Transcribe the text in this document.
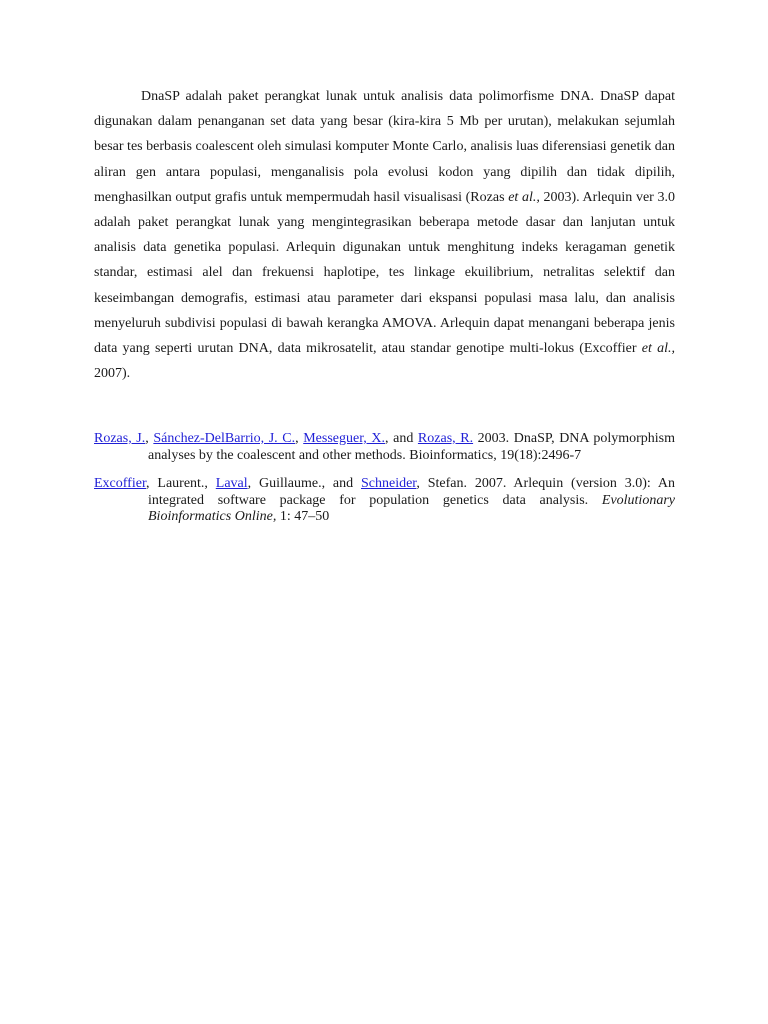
DnaSP adalah paket perangkat lunak untuk analisis data polimorfisme DNA. DnaSP dapat digunakan dalam penanganan set data yang besar (kira-kira 5 Mb per urutan), melakukan sejumlah besar tes berbasis coalescent oleh simulasi komputer Monte Carlo, analisis luas diferensiasi genetik dan aliran gen antara populasi, menganalisis pola evolusi kodon yang dipilih dan tidak dipilih, menghasilkan output grafis untuk mempermudah hasil visualisasi (Rozas et al., 2003). Arlequin ver 3.0 adalah paket perangkat lunak yang mengintegrasikan beberapa metode dasar dan lanjutan untuk analisis data genetika populasi. Arlequin digunakan untuk menghitung indeks keragaman genetik standar, estimasi alel dan frekuensi haplotipe, tes linkage ekuilibrium, netralitas selektif dan keseimbangan demografis, estimasi atau parameter dari ekspansi populasi masa lalu, dan analisis menyeluruh subdivisi populasi di bawah kerangka AMOVA. Arlequin dapat menangani beberapa jenis data yang seperti urutan DNA, data mikrosatelit, atau standar genotipe multi-lokus (Excoffier et al., 2007).

Rozas, J., Sánchez-DelBarrio, J. C., Messeguer, X., and Rozas, R. 2003. DnaSP, DNA polymorphism analyses by the coalescent and other methods. Bioinformatics, 19(18):2496-7

Excoffier, Laurent., Laval, Guillaume., and Schneider, Stefan. 2007. Arlequin (version 3.0): An integrated software package for population genetics data analysis. Evolutionary Bioinformatics Online, 1: 47–50
